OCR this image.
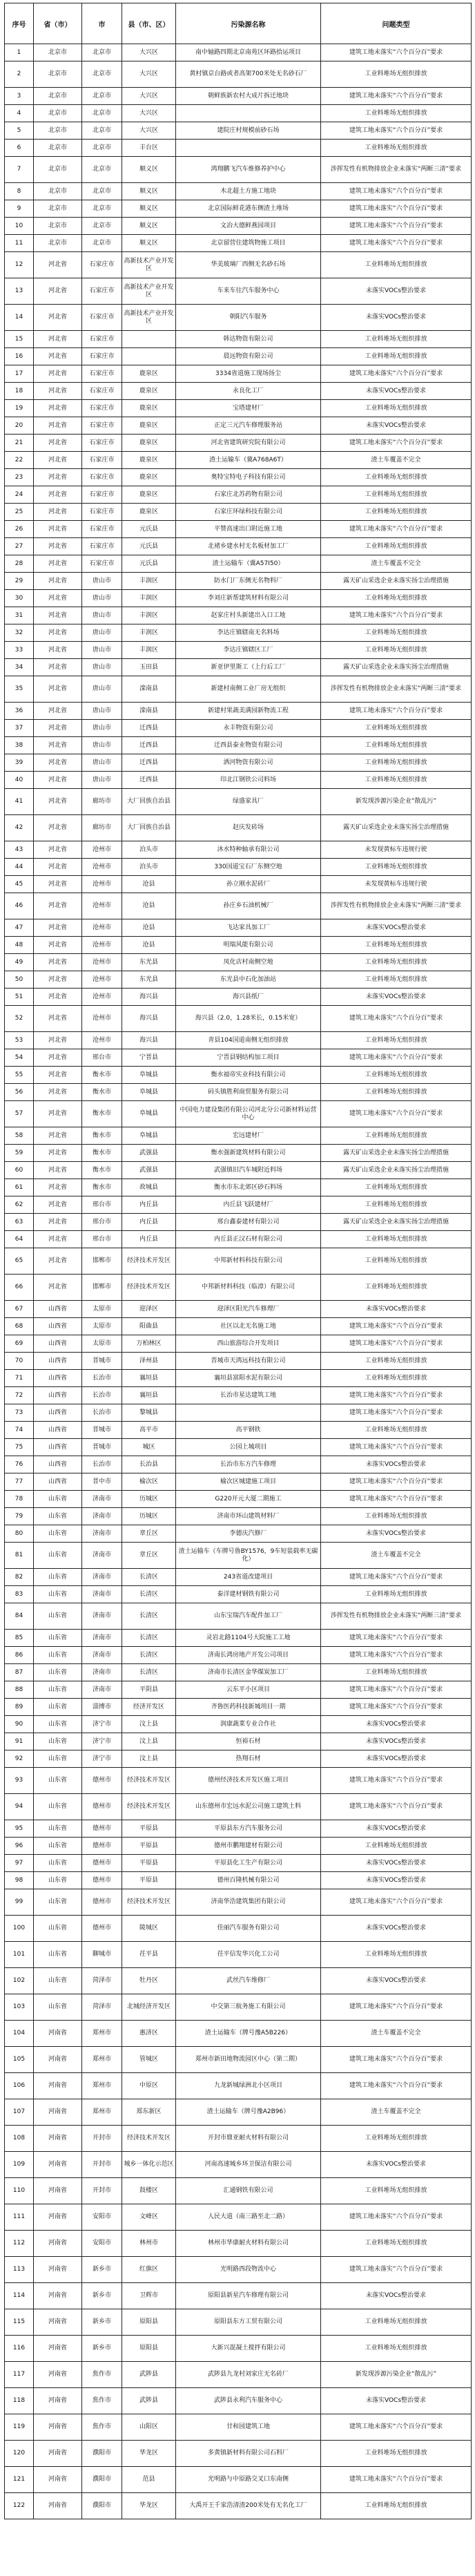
序号	省（市）	市	县（市、区）	污染源名称	问题类型
1	北京市	北京市	大兴区	南中轴路四期北京南苑区环路拾运项目	建筑工地未落实“六个百分百”要求
2	北京市	北京市	大兴区	黄村镇京台路或者高架700米处无名砂石厂	工业料堆场无组织排放
3	北京市	北京市	大兴区	朝鲜族新农村大成片拆迁地块	建筑工地未落实“六个百分百”要求
4	北京市	北京市	大兴区		工业料堆场无组织排放
5	北京市	北京市	大兴区	建院庄村规模前砂石场	建筑工地未落实“六个百分百”要求
6	北京市	北京市	丰台区		工业料堆场无组织排放
7	北京市	北京市	顺义区	鸿翔鹏飞汽车维修养护中心	涉挥发性有机物排放企业未落实“两断三清”要求
8	北京市	北京市	顺义区	木北超土方施工地块	建筑工地未落实“六个百分百”要求
9	北京市	北京市	顺义区	北京国际鲜花港东侧渣土堆场	建筑工地未落实“六个百分百”要求
10	北京市	北京市	顺义区	文冶大德鲜燕园项目	建筑工地未落实“六个百分百”要求
11	北京市	北京市	顺义区	北京留营住建筑物施工项目	建筑工地未落实“六个百分百”要求
12	河北省	石家庄市	高新技术产业开发区	华美玻璃厂西侧无名砂石场	工业料堆场无组织排放
13	河北省	石家庄市	高新技术产业开发区	车来车往汽车服务中心	未落实VOCs整治要求
14	河北省	石家庄市	高新技术产业开发区	朝阳汽车服务	未落实VOCs整治要求
15	河北省	石家庄市		韩达物资有限公司	工业料堆场无组织排放
16	河北省	石家庄市		晨远物资有限公司	工业料堆场无组织排放
17	河北省	石家庄市	鹿泉区	3334省道施工现场扬尘	建筑工地未落实“六个百分百”要求
18	河北省	石家庄市	鹿泉区	永良化工厂	未落实VOCs整治要求
19	河北省	石家庄市	鹿泉区	宝塔建材厂	工业料堆场无组织排放
20	河北省	石家庄市	鹿泉区	正定三元汽车修理服务站	未落实VOCs整治要求
21	河北省	石家庄市	鹿泉区	河北省建筑研究院有限公司	建筑工地未落实“六个百分百”要求
22	河北省	石家庄市	鹿泉区	渣土运输车（冀A768A6T）	渣土车覆盖不完全
23	河北省	石家庄市	鹿泉区	奥特宝特电子科技有限公司	工业料堆场无组织排放
24	河北省	石家庄市	鹿泉区	石家庄北苏药物有限公司	工业料堆场无组织排放
25	河北省	石家庄市	鹿泉区	石家庄环绿科技有限公司	工业料堆场无组织排放
26	河北省	石家庄市	元氏县	平赞高速出口附近施工地	建筑工地未落实“六个百分百”要求
27	河北省	石家庄市	元氏县	北褚乡建水村无名板材加工厂	工业料堆场无组织排放
28	河北省	石家庄市	元氏县	渣土运输车（冀A57I50）	渣土车覆盖不完全
29	河北省	唐山市	丰润区	防水门厂东侧无名物料厂	露天矿山采选企业未落实扬尘治理措施
30	河北省	唐山市	丰润区	李刘庄新帮建筑材料有限公司	工业料堆场无组织排放
31	河北省	唐山市	丰润区	赵家庄村头新建出入口工地	建筑工地未落实“六个百分百”要求
32	河北省	唐山市	丰润区	李达庄镇辖南无名料场	工业料堆场无组织排放
33	河北省	唐山市	丰润区	李达庄镇辖区工厂	工业料堆场无组织排放
34	河北省	唐山市	玉田县	新亚伊里斯工（上行后工厂	露天矿山采选企业未落实扬尘治理措施
35	河北省	唐山市	滦南县	新建村南侧工业厂房无组织	涉挥发性有机物排放企业未落实“两断三清”要求
36	河北省	唐山市	滦南县	新建村果蔬美满园新物流工程	建筑工地未落实“六个百分百”要求
37	河北省	唐山市	迁西县	永丰物资有限公司	工业料堆场无组织排放
38	河北省	唐山市	迁西县	迁西县泰业物资有限公司	工业料堆场无组织排放
39	河北省	唐山市	迁西县	洒河物资有限公司	工业料堆场无组织排放
40	河北省	唐山市	迁西县	印北江钢铁公司料场	工业料堆场无组织排放
41	河北省	廊坊市	大厂回族自治县	绿盛家具厂	新发现涉源污染企业“散乱污”
42	河北省	廊坊市	大厂回族自治县	赵庆发砖场	露天矿山采选企业未落实扬尘治理措施
43	河北省	沧州市	泊头市	沐水特种轴承有限公司	未发现黄标车违规行驶
44	河北省	沧州市	泊头市	330国道宝石厂东侧空地	工业料堆场无组织排放
45	河北省	沧州市	沧县	孙立刚水泥砖厂	未发现黄标车违规行驶
46	河北省	沧州市	沧县	孙庄乡石油机械厂	涉挥发性有机物排放企业未落实“两断三清”要求
47	河北省	沧州市	沧县	飞达家具加工厂	未落实VOCs整治要求
48	河北省	沧州市	沧县	明瑞风能有限公司	工业料堆场无组织排放
49	河北省	沧州市	东光县	凤化店村南侧空地	工业料堆场无组织排放
50	河北省	沧州市	东光县	东光县中石化加油站	工业料堆场无组织排放
51	河北省	沧州市	海兴县	海兴县纸厂	未落实VOCs整治要求
52	河北省	沧州市	海兴县	海兴县（2.0，1.28米长，0.15米宽）	建筑工地未落实“六个百分百”要求
53	河北省	沧州市	海兴县	青县104国道南侧无组织排放	工业料堆场无组织排放
54	河北省	邢台市	宁晋县	宁晋县钢结构加工项目	建筑工地未落实“六个百分百”要求
55	河北省	衡水市	阜城县	衡水福帝实业科技有限公司	工业料堆场无组织排放
56	河北省	衡水市	阜城县	码头镇胜利商贸服务有限公司	工业料堆场无组织排放
57	河北省	衡水市	阜城县	中国电力建设集团有限公司河北分公司新材料运营中心	建筑工地未落实“六个百分百”要求
58	河北省	衡水市	阜城县	宏远建材厂	工业料堆场无组织排放
59	河北省	衡水市	武强县	衡水强新建筑材料有限公司	露天矿山采选企业未落实扬尘治理措施
60	河北省	衡水市	武强县	武强镇旧汽车城附近料场	露天矿山采选企业未落实扬尘治理措施
61	河北省	衡水市	故城县	衡水市东北郊区砂石料场	工业料堆场无组织排放
62	河北省	邢台市	内丘县	内丘县飞跃建材厂	工业料堆场无组织排放
63	河北省	邢台市	内丘县	邢台鑫泰建材有限公司	露天矿山采选企业未落实扬尘治理措施
64	河北省	邢台市	内丘县	内丘县正汉石材有限公司	工业料堆场无组织排放
65	河北省	邯郸市	经济技术开发区	中邦新材料科技有限公司	工业料堆场无组织排放
66	河北省	邯郸市	经济技术开发区	中邦新材料科技（临漳）有限公司	工业料堆场无组织排放
67	山西省	太原市	迎泽区	迎泽区阳光汽车修理厂	未落实VOCs整治要求
68	山西省	太原市	阳曲县	社区以北无名施工地	建筑工地未落实“六个百分百”要求
69	山西省	太原市	万柏林区	西山旅游综合开发项目	建筑工地未落实“六个百分百”要求
70	山西省	晋城市	泽州县	晋城市天鸿远科技有限公司	工业料堆场无组织排放
71	山西省	长治市	襄垣县	襄垣县富阳水泥有限公司	工业料堆场无组织排放
72	山西省	长治市	襄垣县	长治市星达建筑工地	建筑工地未落实“六个百分百”要求
73	山西省	长治市	黎城县		建筑工地未落实“六个百分百”要求
74	山西省	晋城市	高平市	高平钢铁	工业料堆场无组织排放
75	山西省	晋城市	城区	公园上城项目	建筑工地未落实“六个百分百”要求
76	山西省	长治市	长治县	长治市东方汽车修理	未落实VOCs整治要求
77	山西省	晋中市	榆次区	榆次区城建施工项目	建筑工地未落实“六个百分百”要求
78	山东省	济南市	历城区	G220开元大厦二期施工	建筑工地未落实“六个百分百”要求
79	山东省	济南市	历城区	济南市环山建筑材料厂	工业料堆场无组织排放
80	山东省	济南市	章丘区	李德庆汽修厂	未落实VOCs整治要求
81	山东省	济南市	章丘区	渣土运输车（车牌号鲁BY1576，9车短装载率无碳化）	渣土车覆盖不完全
82	山东省	济南市	长清区	243省道改建项目	建筑工地未落实“六个百分百”要求
83	山东省	济南市	长清区	泰洋建材钢铁有限公司	工业料堆场无组织排放
84	山东省	济南市	长清区	山东宝瑞汽车配件加工厂	涉挥发性有机物排放企业未落实“两断三清”要求
85	山东省	济南市	长清区	灵岩北路1104号大院施工工地	建筑工地未落实“六个百分百”要求
86	山东省	济南市	长清区	济南长鸿房地产开发公司项目	建筑工地未落实“六个百分百”要求
87	山东省	济南市	长清区	济南市长清区金华煤炭加工厂	工业料堆场无组织排放
88	山东省	济南市	平阴县	云东平小区项目	建筑工地未落实“六个百分百”要求
89	山东省	淄博市	经济开发区	齐鲁医药科技新城项目一期	建筑工地未落实“六个百分百”要求
90	山东省	济宁市	汶上县	润康蔬菜专业合作社	未落实VOCs整治要求
91	山东省	济宁市	汶上县	恒裕石材	未落实VOCs整治要求
92	山东省	济宁市	汶上县	热翔石材	未落实VOCs整治要求
93	山东省	德州市	经济技术开发区	德州经济技术开发区施工项目	建筑工地未落实“六个百分百”要求
94	山东省	德州市	经济技术开发区	山东德州市宏远水泥公司施工建筑土料	建筑工地未落实“六个百分百”要求
95	山东省	德州市	平原县	平原县东方汽车服务公司	未落实VOCs整治要求
96	山东省	德州市	平原县	德州市鹏翔建材有限公司	工业料堆场无组织排放
97	山东省	德州市	平原县	平原县化工生产有限公司	未落实VOCs整治要求
98	山东省	德州市	平原县	德州百隆机械有限公司	未落实VOCs整治要求
99	山东省	德州市	经济技术开发区	济南华浩建筑集团有限公司	建筑工地未落实“六个百分百”要求
100	山东省	德州市	陵城区	佳丽汽车服务有限公司	未落实VOCs整治要求
101	山东省	聊城市	茌平县	茌平信发华兴化工公司	工业料堆场无组织排放
102	山东省	菏泽市	牡丹区	武丝汽车维修厂	未落实VOCs整治要求
103	山东省	菏泽市	北城经济开发区	中交第三航务施工有限公司	建筑工地未落实“六个百分百”要求
104	河南省	郑州市	惠济区	渣土运输车（牌号豫A5B226）	渣土车覆盖不完全
105	河南省	郑州市	管城区	郑州市新田地物流园区中心（第二期）	建筑工地未落实“六个百分百”要求
106	河南省	郑州市	中原区	九龙新城绿洲北小区项目	建筑工地未落实“六个百分百”要求
107	河南省	郑州市	郑东新区	渣土运输车（牌号豫A2B96）	渣土车覆盖不完全
108	河南省	开封市	经济技术开发区	开封市鼎亚耐火材料有限公司	工业料堆场无组织排放
109	河南省	开封市	城乡一体化示范区	河南高速城乡环卫保洁有限公司	未落实VOCs整治要求
110	河南省	开封市	鼓楼区	汇通钢铁有限公司	工业料堆场无组织排放
111	河南省	安阳市	文峰区	人民大道（南三路至北二路）	建筑工地未落实“六个百分百”要求
112	河南省	安阳市	林州市	林州市华康耐火材料有限公司	工业料堆场无组织排放
113	河南省	新乡市	红旗区	光明路西段物流中心	建筑工地未落实“六个百分百”要求
114	河南省	新乡市	卫辉市	原阳县新星汽车修理有限公司	未落实VOCs整治要求
115	河南省	新乡市	原阳县	原阳县东方工贸有限公司	工业料堆场无组织排放
116	河南省	新乡市	原阳县	大新兴混凝土搅拌有限公司	工业料堆场无组织排放
117	河南省	焦作市	武陟县	武陟县九龙村刘家庄无名砖厂	新发现涉源污染企业“散乱污”
118	河南省	焦作市	武陟县	武陟县永利汽车服务中心	未落实VOCs整治要求
119	河南省	焦作市	山阳区	甘和园建筑工地	建筑工地未落实“六个百分百”要求
120	河南省	濮阳市	华龙区	多黄镇新材料有限公司石料厂	工业料堆场无组织排放
121	河南省	濮阳市	范县	光明路与中原路交叉口东南侧	建筑工地未落实“六个百分百”要求
122	河南省	濮阳市	华龙区	大禹开王千家浩清渣200米处有无名化工厂	工业料堆场无组织排放
